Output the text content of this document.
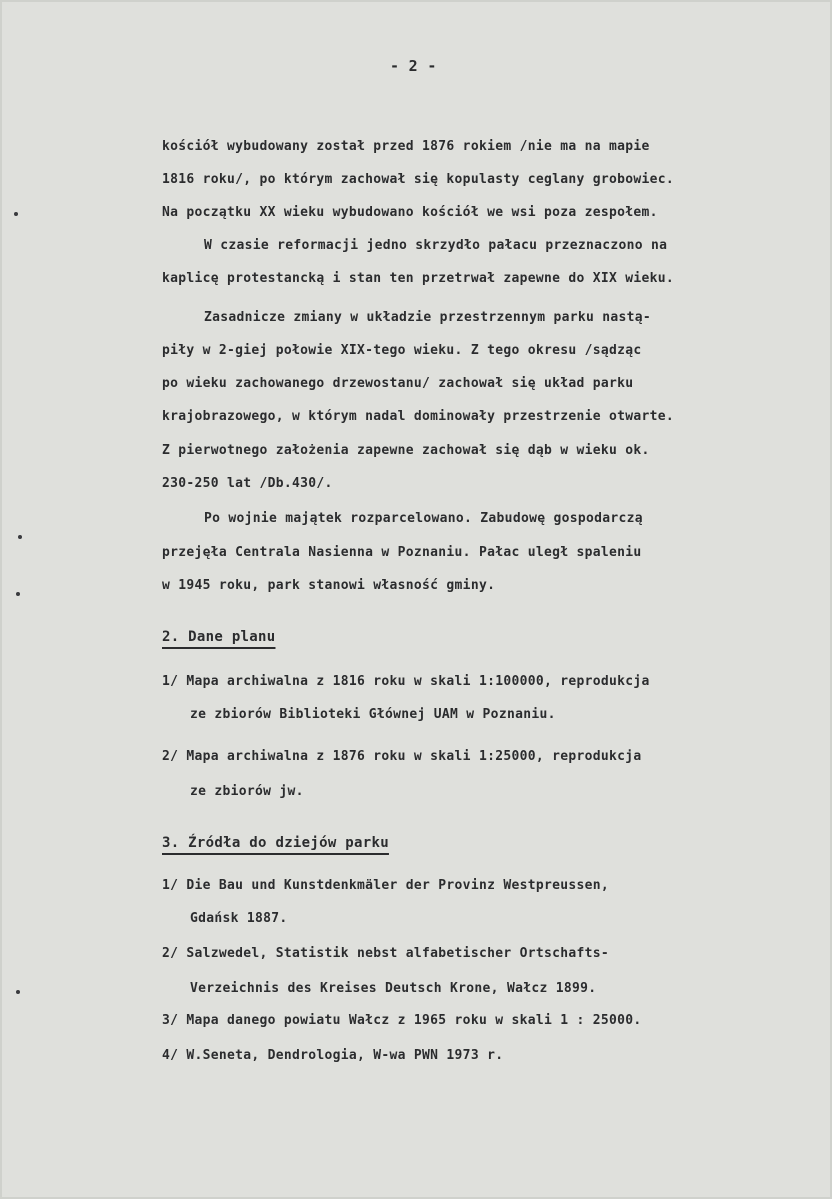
- 2 -
kościół wybudowany został przed 1876 rokiem /nie ma na mapie
1816 roku/, po którym zachował się kopulasty ceglany grobowiec.
Na początku XX wieku wybudowano kościół we wsi poza zespołem.
W czasie reformacji jedno skrzydło pałacu przeznaczono na
kaplicę protestancką i stan ten przetrwał zapewne do XIX wieku.
Zasadnicze zmiany w układzie przestrzennym parku nastą-
piły w 2-giej połowie XIX-tego wieku. Z tego okresu /sądząc
po wieku zachowanego drzewostanu/ zachował się układ parku
krajobrazowego, w którym nadal dominowały przestrzenie otwarte.
Z pierwotnego założenia zapewne zachował się dąb w wieku ok.
230-250 lat /Db.430/.
Po wojnie majątek rozparcelowano. Zabudowę gospodarczą
przejęła Centrala Nasienna w Poznaniu. Pałac uległ spaleniu
w 1945 roku, park stanowi własność gminy.
2. Dane planu
1/ Mapa archiwalna z 1816 roku w skali 1:100000, reprodukcja
ze zbiorów Biblioteki Głównej UAM w Poznaniu.
2/ Mapa archiwalna z 1876 roku w skali 1:25000, reprodukcja
ze zbiorów jw.
3. Źródła do dziejów parku
1/ Die Bau und Kunstdenkmäler der Provinz Westpreussen,
Gdańsk 1887.
2/ Salzwedel, Statistik nebst alfabetischer Ortschafts-
Verzeichnis des Kreises Deutsch Krone, Wałcz 1899.
3/ Mapa danego powiatu Wałcz z 1965 roku w skali 1 : 25000.
4/ W.Seneta, Dendrologia, W-wa PWN 1973 r.
